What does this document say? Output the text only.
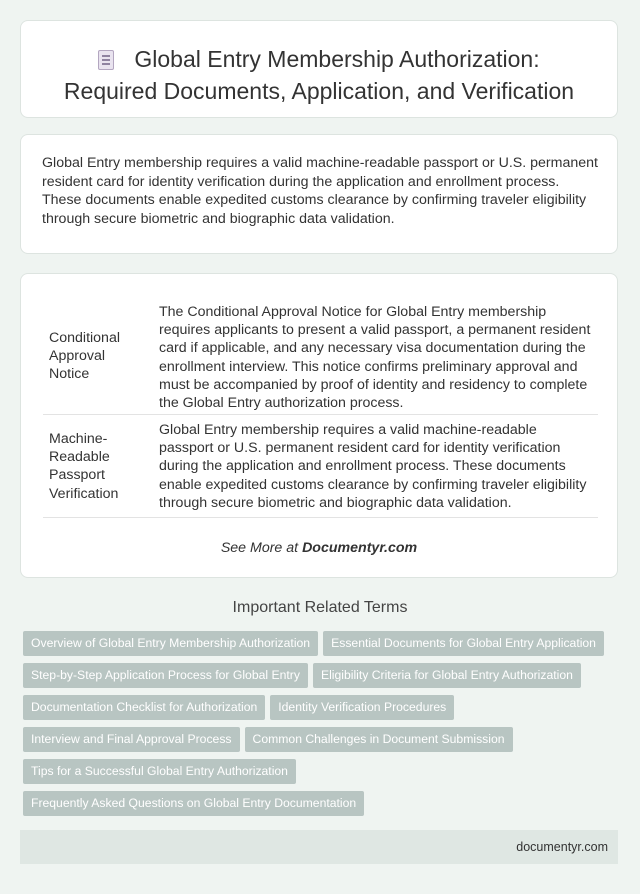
Global Entry Membership Authorization:
Required Documents, Application, and Verification

Global Entry membership requires a valid machine-readable passport or U.S. permanent resident card for identity verification during the application and enrollment process. These documents enable expedited customs clearance by confirming traveler eligibility through secure biometric and biographic data validation.

Conditional Approval Notice
The Conditional Approval Notice for Global Entry membership requires applicants to present a valid passport, a permanent resident card if applicable, and any necessary visa documentation during the enrollment interview. This notice confirms preliminary approval and must be accompanied by proof of identity and residency to complete the Global Entry authorization process.
Machine-Readable Passport Verification
Global Entry membership requires a valid machine-readable passport or U.S. permanent resident card for identity verification during the application and enrollment process. These documents enable expedited customs clearance by confirming traveler eligibility through secure biometric and biographic data validation.
See More at Documentyr.com
Important Related Terms
Overview of Global Entry Membership Authorization Essential Documents for Global Entry Application
Step-by-Step Application Process for Global Entry Eligibility Criteria for Global Entry Authorization
Documentation Checklist for Authorization Identity Verification Procedures
Interview and Final Approval Process Common Challenges in Document Submission
Tips for a Successful Global Entry Authorization
Frequently Asked Questions on Global Entry Documentation
documentyr.com
